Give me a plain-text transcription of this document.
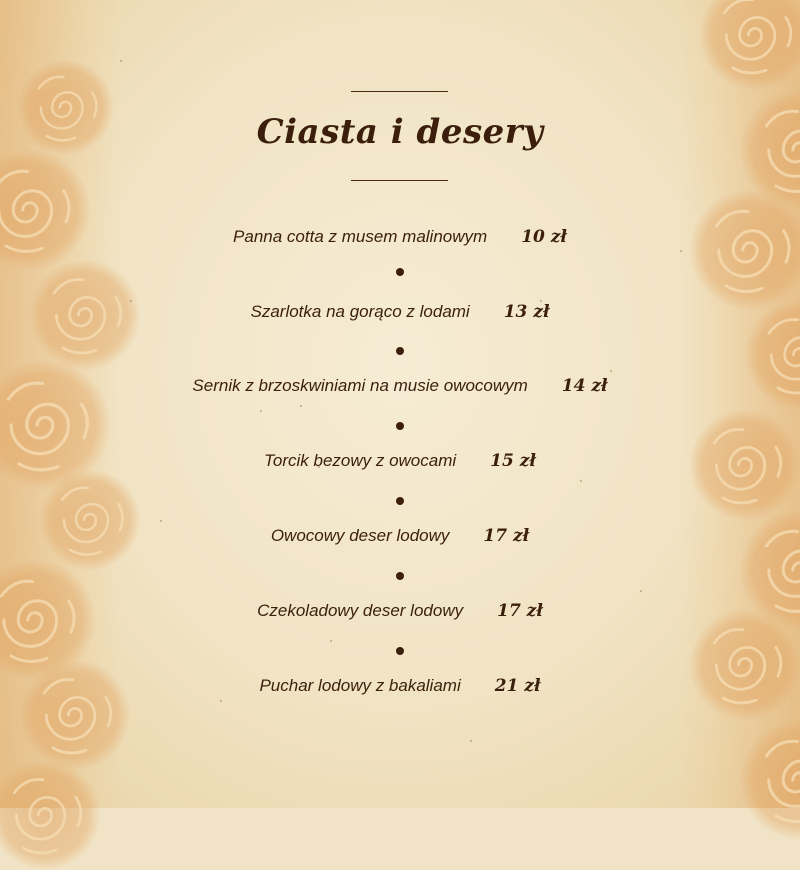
Ciasta i desery
Panna cotta z musem malinowym 10 zł
Szarlotka na gorąco z lodami 13 zł
Sernik z brzoskwiniami na musie owocowym 14 zł
Torcik bezowy z owocami 15 zł
Owocowy deser lodowy 17 zł
Czekoladowy deser lodowy 17 zł
Puchar lodowy z bakaliami 21 zł
